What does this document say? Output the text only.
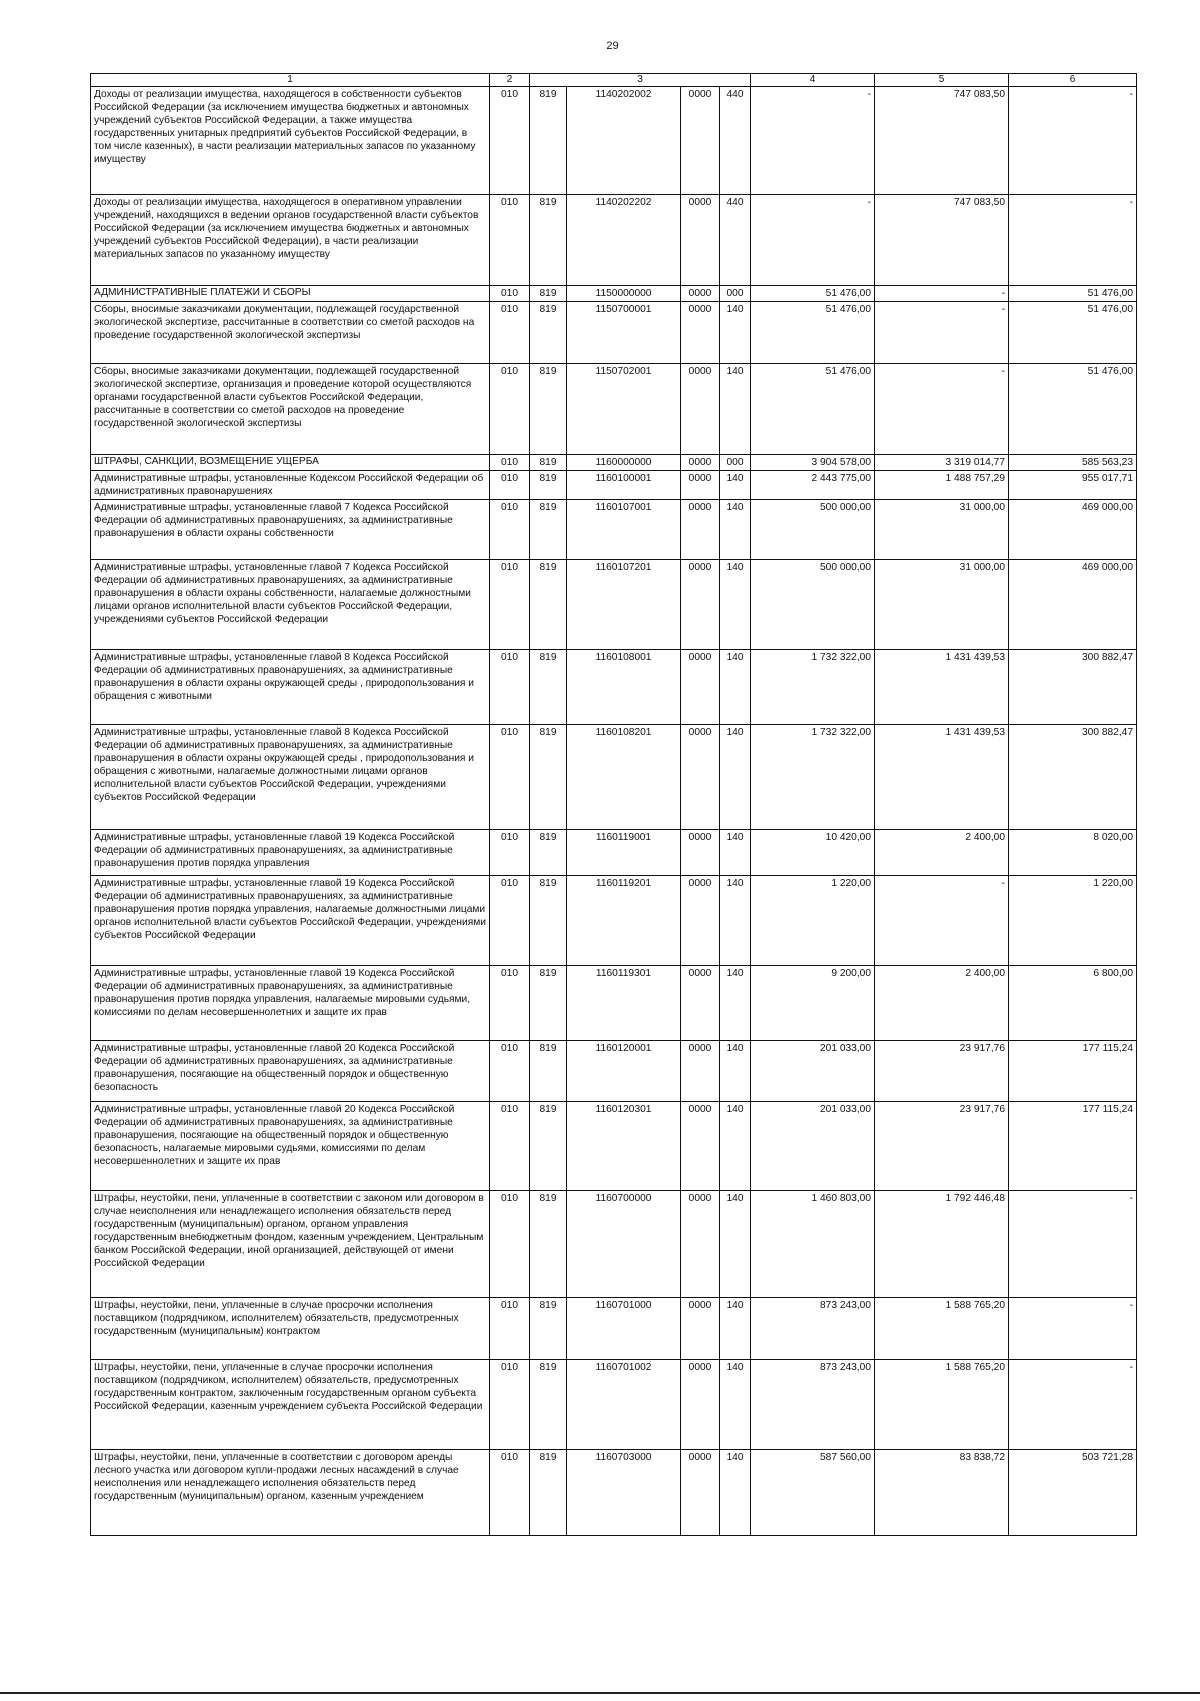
29
1	2	3				4	5	6
Доходы от реализации имущества, находящегося в собственности субъектов Российской Федерации (за исключением имущества бюджетных и автономных учреждений субъектов Российской Федерации, а также имущества государственных унитарных предприятий субъектов Российской Федерации, в том числе казенных), в части реализации материальных запасов по указанному имуществу	010	819	1140202002	0000	440	-	747 083,50	-
Доходы от реализации имущества, находящегося в оперативном управлении учреждений, находящихся в ведении органов государственной власти субъектов Российской Федерации (за исключением имущества бюджетных и автономных учреждений субъектов Российской Федерации), в части реализации материальных запасов по указанному имуществу	010	819	1140202202	0000	440	-	747 083,50	-
АДМИНИСТРАТИВНЫЕ ПЛАТЕЖИ И СБОРЫ	010	819	1150000000	0000	000	51 476,00	-	51 476,00
Сборы, вносимые заказчиками документации, подлежащей государственной экологической экспертизе, рассчитанные в соответствии со сметой расходов на проведение государственной экологической экспертизы	010	819	1150700001	0000	140	51 476,00	-	51 476,00
Сборы, вносимые заказчиками документации, подлежащей государственной экологической экспертизе, организация и проведение которой осуществляются органами государственной власти субъектов Российской Федерации, рассчитанные в соответствии со сметой расходов на проведение государственной экологической экспертизы	010	819	1150702001	0000	140	51 476,00	-	51 476,00
ШТРАФЫ, САНКЦИИ, ВОЗМЕЩЕНИЕ УЩЕРБА	010	819	1160000000	0000	000	3 904 578,00	3 319 014,77	585 563,23
Административные штрафы, установленные Кодексом Российской Федерации об административных правонарушениях	010	819	1160100001	0000	140	2 443 775,00	1 488 757,29	955 017,71
Административные штрафы, установленные главой 7 Кодекса Российской Федерации об административных правонарушениях, за административные правонарушения в области охраны собственности	010	819	1160107001	0000	140	500 000,00	31 000,00	469 000,00
Административные штрафы, установленные главой 7 Кодекса Российской Федерации об административных правонарушениях, за административные правонарушения в области охраны собственности, налагаемые должностными лицами органов исполнительной власти субъектов Российской Федерации, учреждениями субъектов Российской Федерации	010	819	1160107201	0000	140	500 000,00	31 000,00	469 000,00
Административные штрафы, установленные главой 8 Кодекса Российской Федерации об административных правонарушениях, за административные правонарушения в области охраны окружающей среды , природопользования и обращения с животными	010	819	1160108001	0000	140	1 732 322,00	1 431 439,53	300 882,47
Административные штрафы, установленные главой 8 Кодекса Российской Федерации об административных правонарушениях, за административные правонарушения в области охраны окружающей среды , природопользования и обращения с животными, налагаемые должностными лицами органов исполнительной власти субъектов Российской Федерации, учреждениями субъектов Российской Федерации	010	819	1160108201	0000	140	1 732 322,00	1 431 439,53	300 882,47
Административные штрафы, установленные главой 19 Кодекса Российской Федерации об административных правонарушениях, за административные правонарушения против порядка управления	010	819	1160119001	0000	140	10 420,00	2 400,00	8 020,00
Административные штрафы, установленные главой 19 Кодекса Российской Федерации об административных правонарушениях, за административные правонарушения против порядка управления, налагаемые должностными лицами органов исполнительной власти субъектов Российской Федерации, учреждениями субъектов Российской Федерации	010	819	1160119201	0000	140	1 220,00	-	1 220,00
Административные штрафы, установленные главой 19 Кодекса Российской Федерации об административных правонарушениях, за административные правонарушения против порядка управления, налагаемые мировыми судьями, комиссиями по делам несовершеннолетних и защите их прав	010	819	1160119301	0000	140	9 200,00	2 400,00	6 800,00
Административные штрафы, установленные главой 20 Кодекса Российской Федерации об административных правонарушениях, за административные правонарушения, посягающие на общественный порядок и общественную безопасность	010	819	1160120001	0000	140	201 033,00	23 917,76	177 115,24
Административные штрафы, установленные главой 20 Кодекса Российской Федерации об административных правонарушениях, за административные правонарушения, посягающие на общественный порядок и общественную безопасность, налагаемые мировыми судьями, комиссиями по делам несовершеннолетних и защите их прав	010	819	1160120301	0000	140	201 033,00	23 917,76	177 115,24
Штрафы, неустойки, пени, уплаченные в соответствии с законом или договором в случае неисполнения или ненадлежащего исполнения обязательств перед государственным (муниципальным) органом, органом управления государственным внебюджетным фондом, казенным учреждением, Центральным банком Российской Федерации, иной организацией, действующей от имени Российской Федерации	010	819	1160700000	0000	140	1 460 803,00	1 792 446,48	-
Штрафы, неустойки, пени, уплаченные в случае просрочки исполнения поставщиком (подрядчиком, исполнителем) обязательств, предусмотренных государственным (муниципальным) контрактом	010	819	1160701000	0000	140	873 243,00	1 588 765,20	-
Штрафы, неустойки, пени, уплаченные в случае просрочки исполнения поставщиком (подрядчиком, исполнителем) обязательств, предусмотренных государственным контрактом, заключенным государственным органом субъекта Российской Федерации, казенным учреждением субъекта Российской Федерации	010	819	1160701002	0000	140	873 243,00	1 588 765,20	-
Штрафы, неустойки, пени, уплаченные в соответствии с договором аренды лесного участка или договором купли-продажи лесных насаждений в случае неисполнения или ненадлежащего исполнения обязательств перед государственным (муниципальным) органом, казенным учреждением	010	819	1160703000	0000	140	587 560,00	83 838,72	503 721,28
